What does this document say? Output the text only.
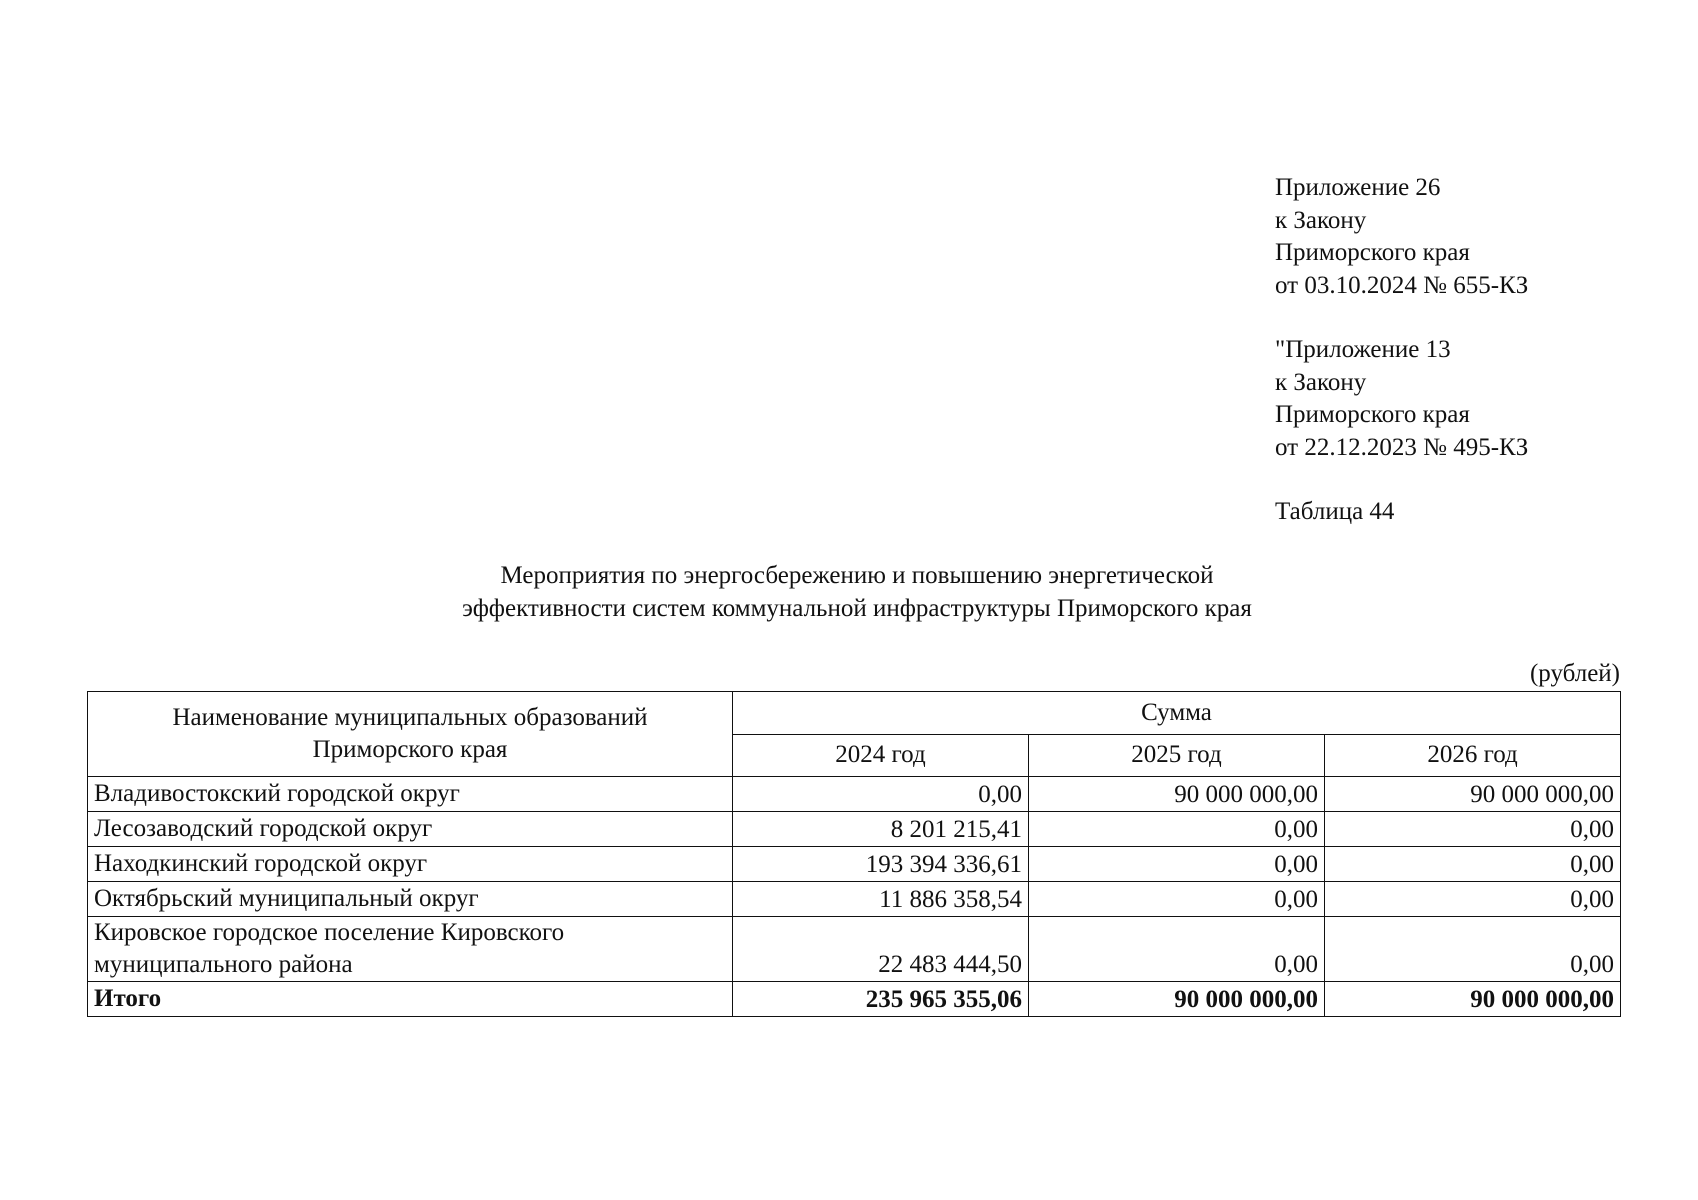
Приложение 26
к Закону
Приморского края
от 03.10.2024 № 655-КЗ
"Приложение 13
к Закону
Приморского края
от 22.12.2023 № 495-КЗ
Таблица 44
Мероприятия по энергосбережению и повышению энергетической
эффективности систем коммунальной инфраструктуры Приморского края
(рублей)
Наименование муниципальных образований
Приморского края	Сумма		
	2024 год	2025 год	2026 год
Владивостокский городской округ	0,00	90 000 000,00	90 000 000,00
Лесозаводский городской округ	8 201 215,41	0,00	0,00
Находкинский городской округ	193 394 336,61	0,00	0,00
Октябрьский муниципальный округ	11 886 358,54	0,00	0,00
Кировское городское поселение Кировского муниципального района	22 483 444,50	0,00	0,00
Итого	235 965 355,06	90 000 000,00	90 000 000,00
